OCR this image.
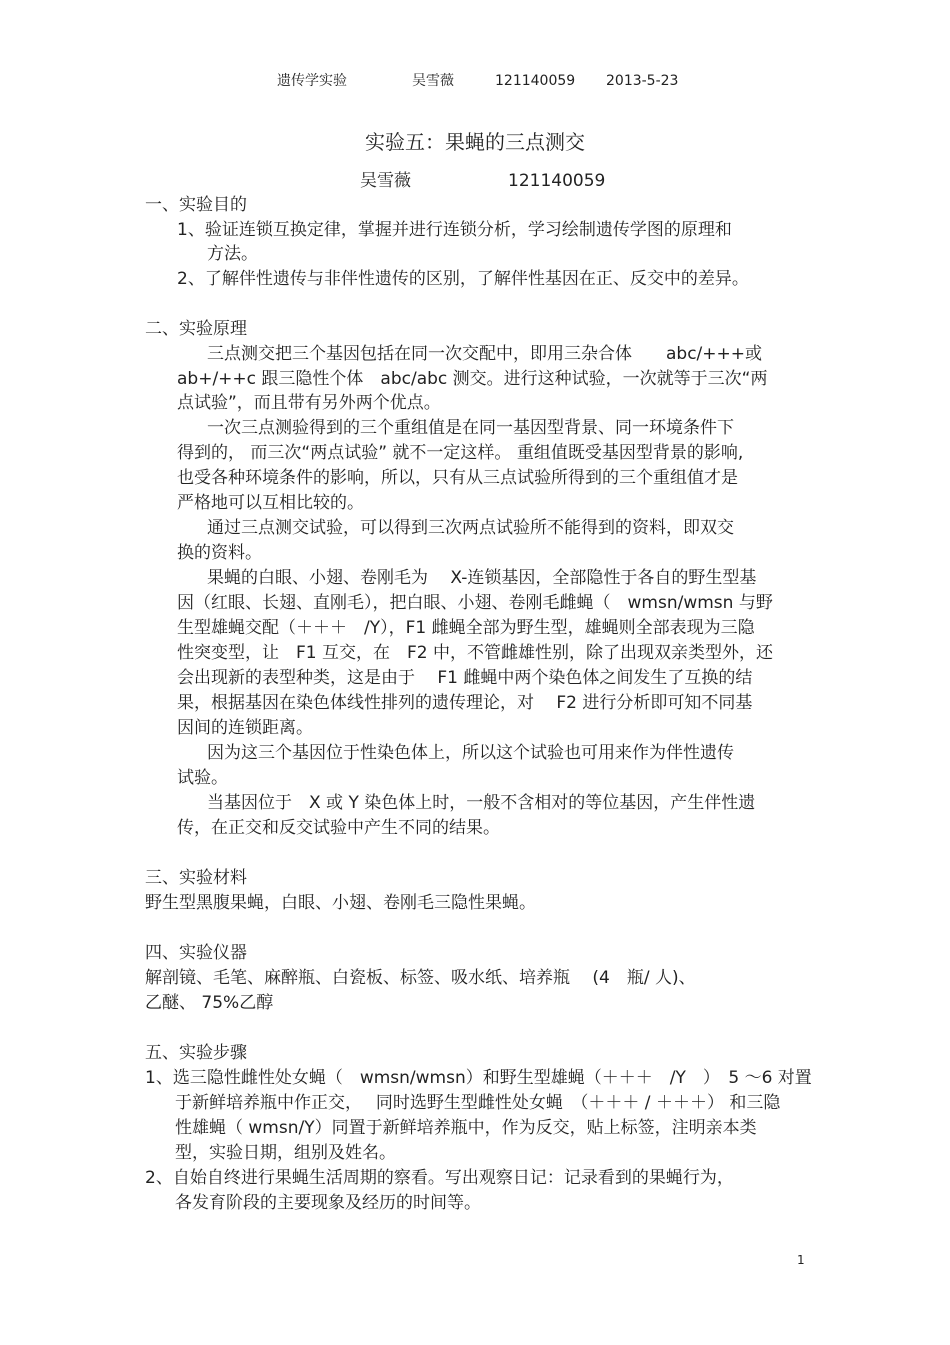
遗传学实验	吴雪薇	121140059 2013-5-23
实验五：果蝇的三点测交
吴雪薇	121140059
一、实验目的
1、验证连锁互换定律，掌握并进行连锁分析，学习绘制遗传学图的原理和
方法。
2、了解伴性遗传与非伴性遗传的区别，了解伴性基因在正、反交中的差异。
二、实验原理
三点测交把三个基因包括在同一次交配中，即用三杂合体　　abc/+++或
ab+/++c 跟三隐性个体　abc/abc 测交。进行这种试验，一次就等于三次“两
点试验”，而且带有另外两个优点。
一次三点测验得到的三个重组值是在同一基因型背景、同一环境条件下
得到的， 而三次“两点试验” 就不一定这样。 重组值既受基因型背景的影响,
也受各种环境条件的影响，所以，只有从三点试验所得到的三个重组值才是
严格地可以互相比较的。
通过三点测交试验，可以得到三次两点试验所不能得到的资料，即双交
换的资料。
果蝇的白眼、小翅、卷刚毛为　 X-连锁基因，全部隐性于各自的野生型基
因（红眼、长翅、直刚毛），把白眼、小翅、卷刚毛雌蝇（　wmsn/wmsn 与野
生型雄蝇交配（＋＋＋　/Y），F1 雌蝇全部为野生型，雄蝇则全部表现为三隐
性突变型，让　F1 互交，在　F2 中，不管雌雄性别，除了出现双亲类型外，还
会出现新的表型种类，这是由于　 F1 雌蝇中两个染色体之间发生了互换的结
果，根据基因在染色体线性排列的遗传理论，对　 F2 进行分析即可知不同基
因间的连锁距离。
因为这三个基因位于性染色体上，所以这个试验也可用来作为伴性遗传
试验。
当基因位于　X 或 Y 染色体上时，一般不含相对的等位基因，产生伴性遗
传，在正交和反交试验中产生不同的结果。
三、实验材料
野生型黑腹果蝇，白眼、小翅、卷刚毛三隐性果蝇。
四、实验仪器
解剖镜、毛笔、麻醉瓶、白瓷板、标签、吸水纸、培养瓶　 (4　瓶/ 人)、
乙醚、 75%乙醇
五、实验步骤
1、选三隐性雌性处女蝇（　wmsn/wmsn）和野生型雄蝇（＋＋＋　/Y　）　5 ～6 对置
于新鲜培养瓶中作正交，　 同时选野生型雌性处女蝇　（＋＋＋ / ＋＋＋） 和三隐
性雄蝇（ wmsn/Y）同置于新鲜培养瓶中，作为反交，贴上标签，注明亲本类
型，实验日期，组别及姓名。
2、自始自终进行果蝇生活周期的察看。写出观察日记：记录看到的果蝇行为，
各发育阶段的主要现象及经历的时间等。
1
